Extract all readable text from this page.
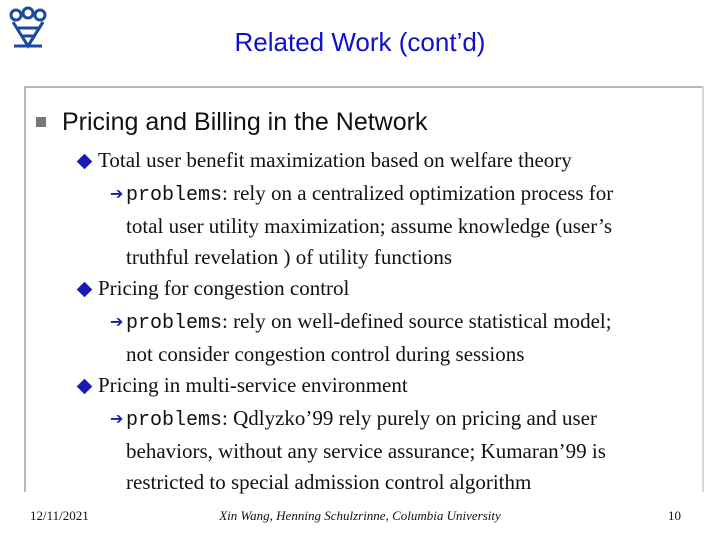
Related Work (cont’d)
Pricing and Billing in the Network
Total user benefit maximization based on welfare theory
➔ problems: rely on a centralized optimization process for
total user utility maximization; assume knowledge (user’s
truthful revelation ) of utility functions
Pricing for congestion control
➔ problems: rely on well-defined source statistical model;
not consider congestion control during sessions
Pricing in multi-service environment
➔ problems: Qdlyzko’99 rely purely on pricing and user
behaviors, without any service assurance; Kumaran’99 is
restricted to special admission control algorithm
12/11/2021	Xin Wang, Henning Schulzrinne, Columbia University	10
